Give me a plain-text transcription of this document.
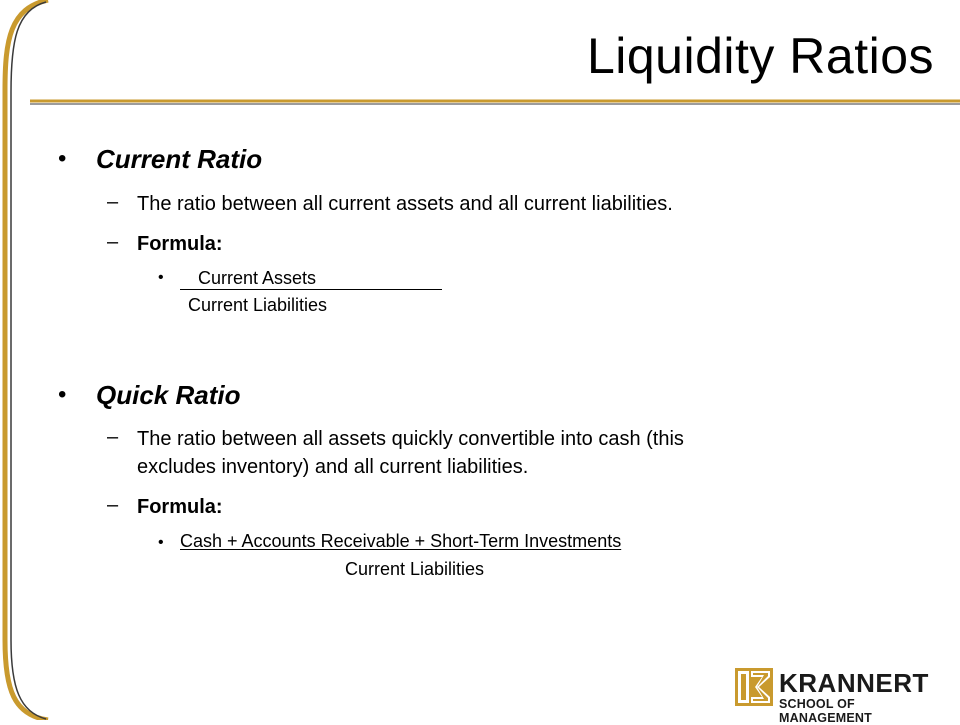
Liquidity Ratios
• Current Ratio
– The ratio between all current assets and all current liabilities.
– Formula:
•	Current Assets
Current Liabilities
• Quick Ratio
– The ratio between all assets quickly convertible into cash (this
excludes inventory) and all current liabilities.
– Formula:
• Cash + Accounts Receivable + Short-Term Investments
Current Liabilities
KRANNERT
SCHOOL OF MANAGEMENT
